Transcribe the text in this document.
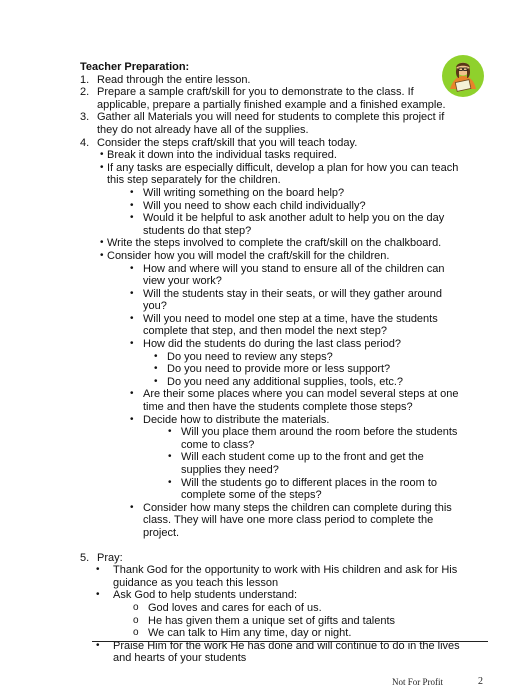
Teacher Preparation:

1. Read through the entire lesson.
2. Prepare a sample craft/skill for you to demonstrate to the class. If applicable, prepare a partially finished example and a finished example.
3. Gather all Materials you will need for students to complete this project if they do not already have all of the supplies.
4. Consider the steps craft/skill that you will teach today.
• Break it down into the individual tasks required.
• If any tasks are especially difficult, develop a plan for how you can teach this step separately for the children.
• Will writing something on the board help?
• Will you need to show each child individually?
• Would it be helpful to ask another adult to help you on the day students do that step?
• Write the steps involved to complete the craft/skill on the chalkboard.
• Consider how you will model the craft/skill for the children.
• How and where will you stand to ensure all of the children can view your work?
• Will the students stay in their seats, or will they gather around you?
• Will you need to model one step at a time, have the students complete that step, and then model the next step?
• How did the students do during the last class period?
• Do you need to review any steps?
• Do you need to provide more or less support?
• Do you need any additional supplies, tools, etc.?
• Are their some places where you can model several steps at one time and then have the students complete those steps?
• Decide how to distribute the materials.
• Will you place them around the room before the students come to class?
• Will each student come up to the front and get the supplies they need?
• Will the students go to different places in the room to complete some of the steps?
• Consider how many steps the children can complete during this class. They will have one more class period to complete the project.
5. Pray:
• Thank God for the opportunity to work with His children and ask for His guidance as you teach this lesson
• Ask God to help students understand:
o God loves and cares for each of us.
o He has given them a unique set of gifts and talents
o We can talk to Him any time, day or night.
• Praise Him for the work He has done and will continue to do in the lives and hearts of your students
Not For Profit	2
